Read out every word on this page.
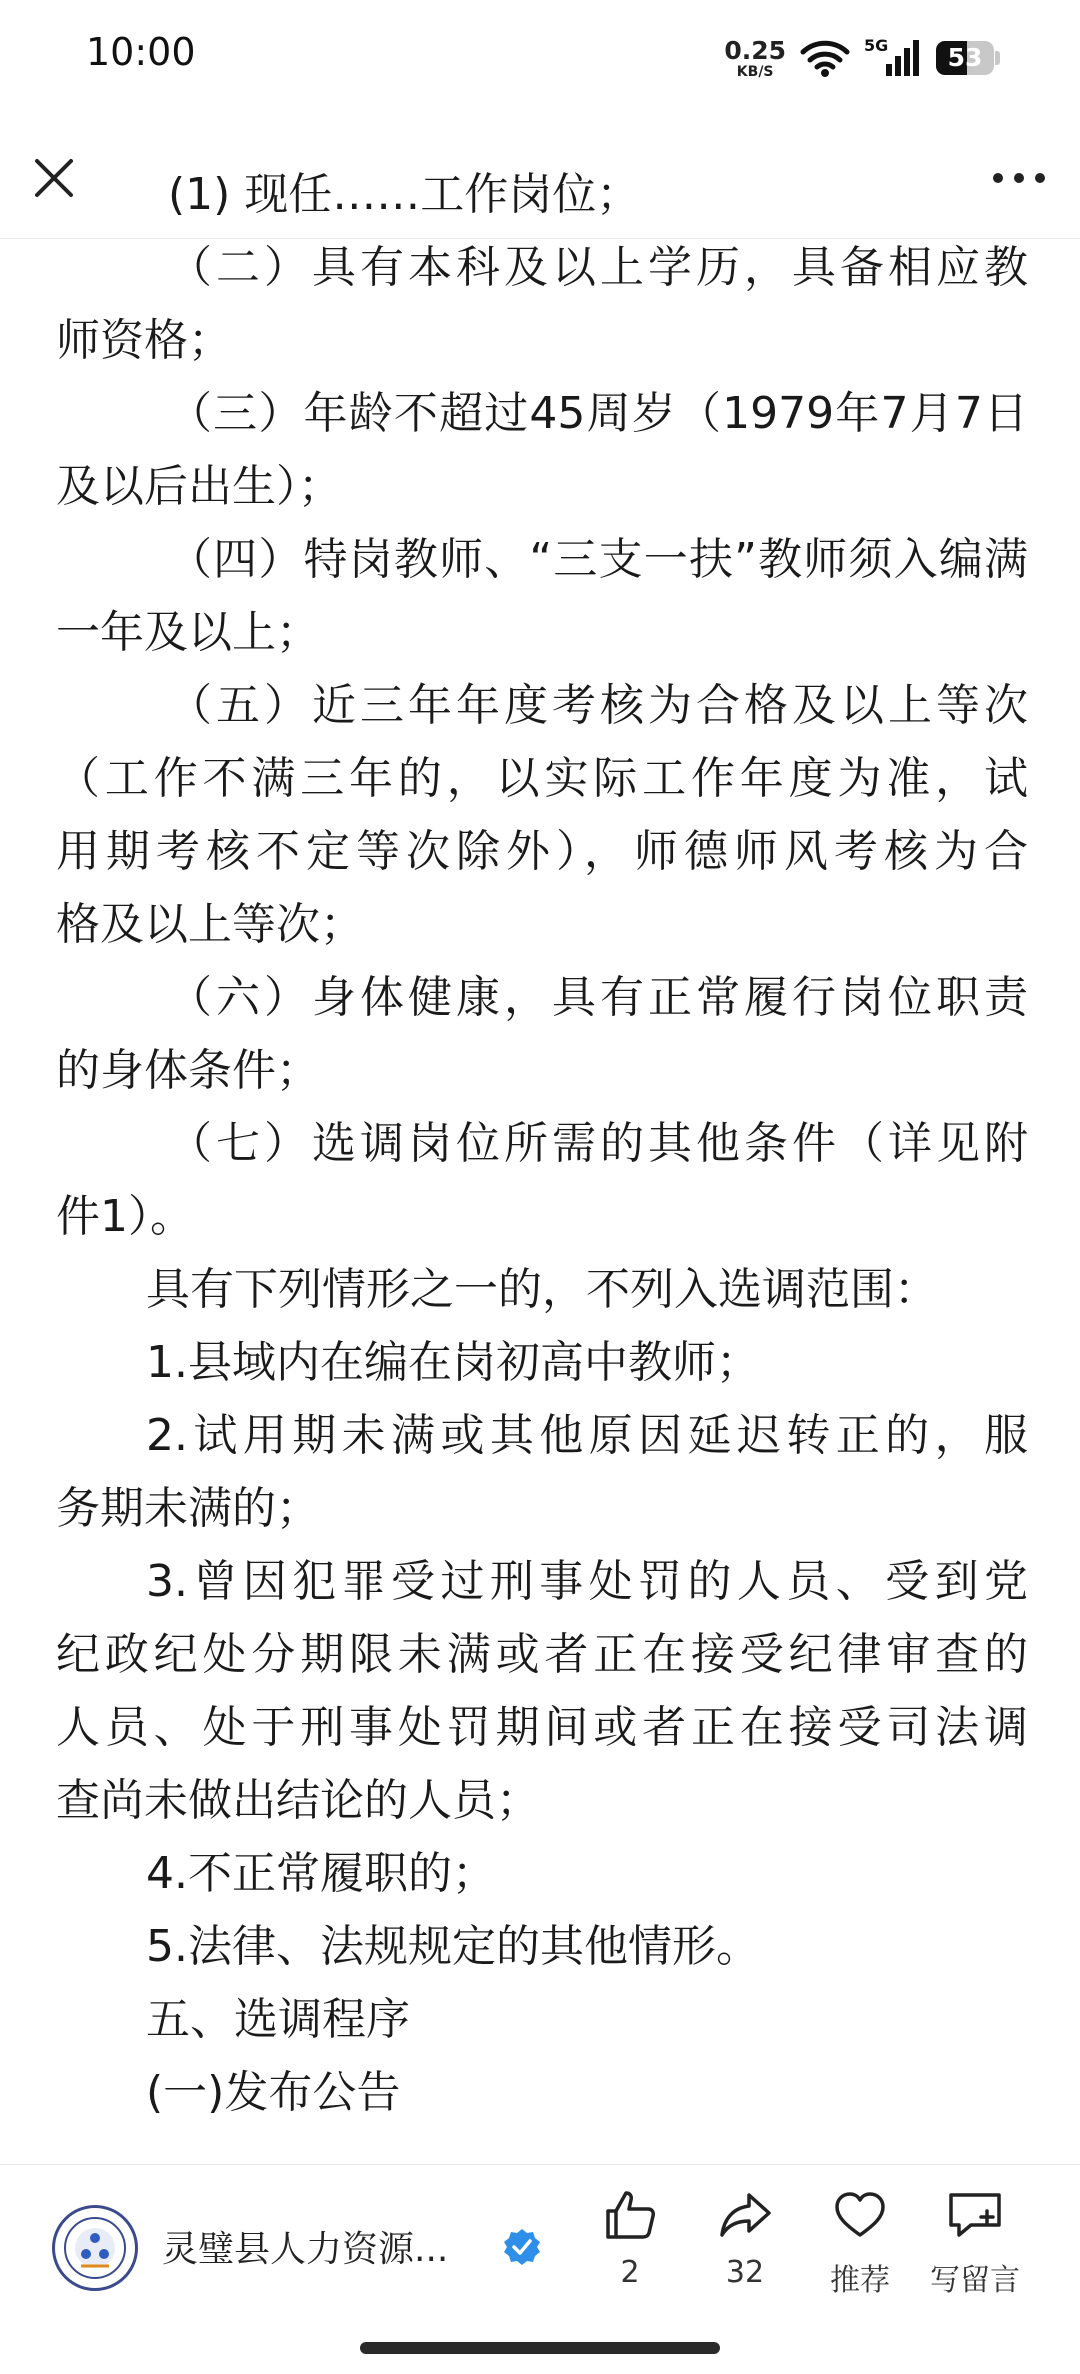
10:00	0.25
KB/S
5G	53
(1) 现任……工作岗位；
（二）具有本科及以上学历，具备相应教
师资格；
（三）年龄不超过45周岁（1979年7月7日
及以后出生）；
（四）特岗教师、“三支一扶”教师须入编满
一年及以上；
（五）近三年年度考核为合格及以上等次
（工作不满三年的，以实际工作年度为准，试
用期考核不定等次除外），师德师风考核为合
格及以上等次；
（六）身体健康，具有正常履行岗位职责
的身体条件；
（七）选调岗位所需的其他条件（详见附
件1）。
具有下列情形之一的，不列入选调范围：
1.县域内在编在岗初高中教师；
2.试用期未满或其他原因延迟转正的，服
务期未满的；
3.曾因犯罪受过刑事处罚的人员、受到党
纪政纪处分期限未满或者正在接受纪律审查的
人员、处于刑事处罚期间或者正在接受司法调
查尚未做出结论的人员；
4.不正常履职的；
5.法律、法规规定的其他情形。
五、选调程序
(一)发布公告
灵璧县人力资源...
2	32	推荐	写留言
